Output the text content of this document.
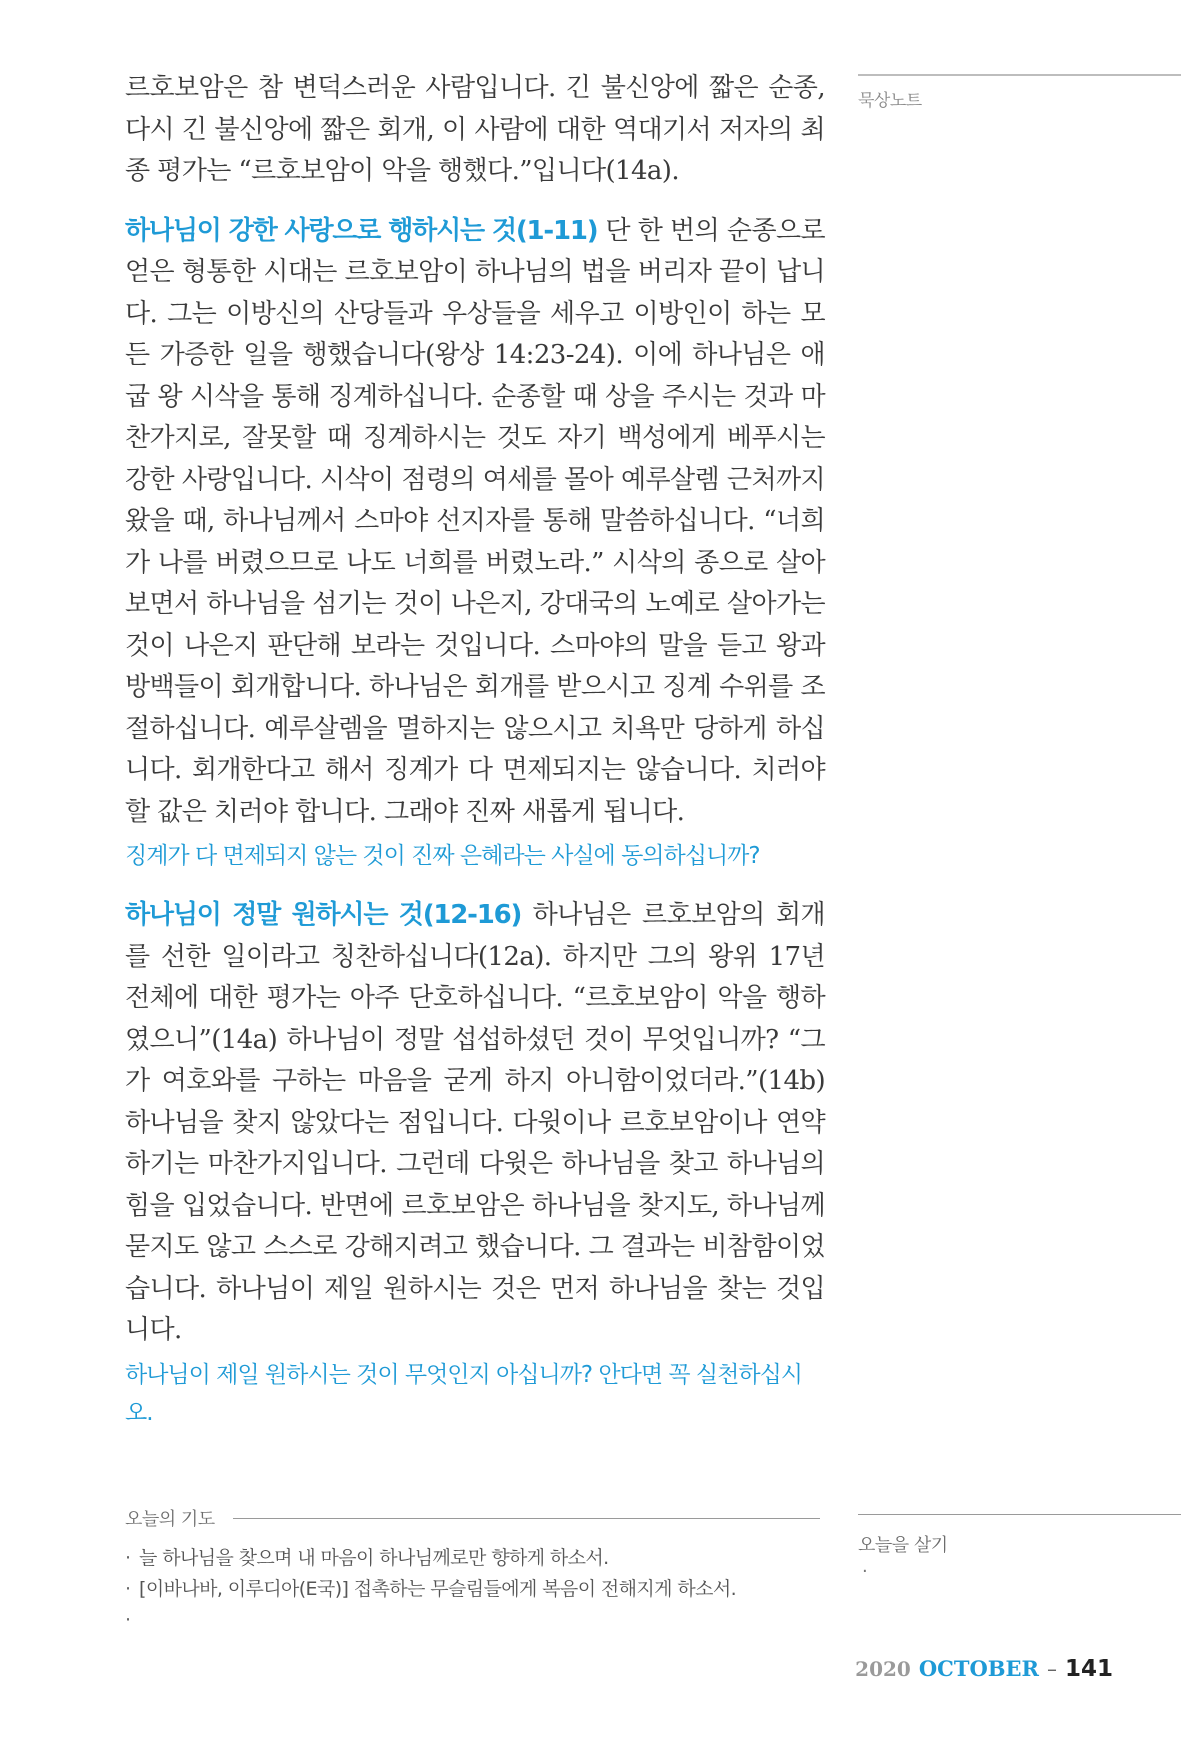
르호보암은 참 변덕스러운 사람입니다. 긴 불신앙에 짧은 순종, 다시 긴 불신앙에 짧은 회개, 이 사람에 대한 역대기서 저자의 최종 평가는 “르호보암이 악을 행했다.”입니다(14a).

하나님이 강한 사랑으로 행하시는 것(1-11) 단 한 번의 순종으로 얻은 형통한 시대는 르호보암이 하나님의 법을 버리자 끝이 납니다. 그는 이방신의 산당들과 우상들을 세우고 이방인이 하는 모든 가증한 일을 행했습니다(왕상 14:23-24). 이에 하나님은 애굽 왕 시삭을 통해 징계하십니다. 순종할 때 상을 주시는 것과 마찬가지로, 잘못할 때 징계하시는 것도 자기 백성에게 베푸시는 강한 사랑입니다. 시삭이 점령의 여세를 몰아 예루살렘 근처까지 왔을 때, 하나님께서 스마야 선지자를 통해 말씀하십니다. “너희가 나를 버렸으므로 나도 너희를 버렸노라.” 시삭의 종으로 살아보면서 하나님을 섬기는 것이 나은지, 강대국의 노예로 살아가는 것이 나은지 판단해 보라는 것입니다. 스마야의 말을 듣고 왕과 방백들이 회개합니다. 하나님은 회개를 받으시고 징계 수위를 조절하십니다. 예루살렘을 멸하지는 않으시고 치욕만 당하게 하십니다. 회개한다고 해서 징계가 다 면제되지는 않습니다. 치러야 할 값은 치러야 합니다. 그래야 진짜 새롭게 됩니다.

징계가 다 면제되지 않는 것이 진짜 은혜라는 사실에 동의하십니까?

하나님이 정말 원하시는 것(12-16) 하나님은 르호보암의 회개를 선한 일이라고 칭찬하십니다(12a). 하지만 그의 왕위 17년 전체에 대한 평가는 아주 단호하십니다. “르호보암이 악을 행하였으니”(14a) 하나님이 정말 섭섭하셨던 것이 무엇입니까? “그가 여호와를 구하는 마음을 굳게 하지 아니함이었더라.”(14b) 하나님을 찾지 않았다는 점입니다. 다윗이나 르호보암이나 연약하기는 마찬가지입니다. 그런데 다윗은 하나님을 찾고 하나님의 힘을 입었습니다. 반면에 르호보암은 하나님을 찾지도, 하나님께 묻지도 않고 스스로 강해지려고 했습니다. 그 결과는 비참함이었습니다. 하나님이 제일 원하시는 것은 먼저 하나님을 찾는 것입니다.

하나님이 제일 원하시는 것이 무엇인지 아십니까? 안다면 꼭 실천하십시오.

묵상노트
오늘의 기도
· 늘 하나님을 찾으며 내 마음이 하나님께로만 향하게 하소서.
· [이바나바, 이루디아(E국)] 접촉하는 무슬림들에게 복음이 전해지게 하소서.
·
오늘을 살기
·
2020 OCTOBER – 141
